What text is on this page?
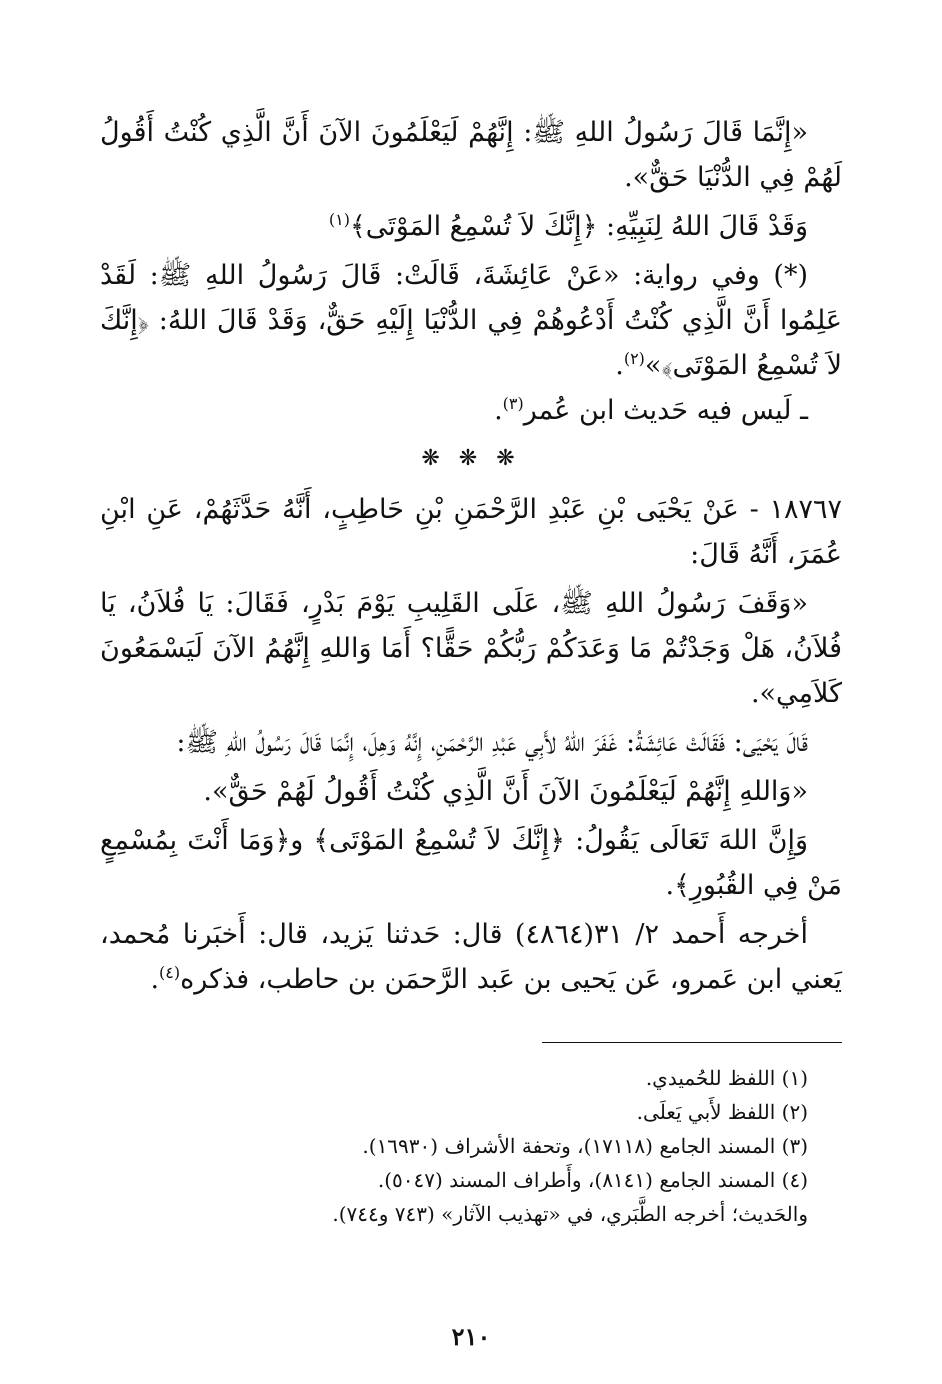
«إِنَّمَا قَالَ رَسُولُ اللهِ ﷺ: إِنَّهُمْ لَيَعْلَمُونَ الآنَ أَنَّ الَّذِي كُنْتُ أَقُولُ لَهُمْ فِي الدُّنْيَا حَقٌّ».

وَقَدْ قَالَ اللهُ لِنَبِيِّهِ: ﴿إِنَّكَ لاَ تُسْمِعُ المَوْتَى﴾$^{(١)}$

(*) وفي رواية: «عَنْ عَائِشَةَ، قَالَتْ: قَالَ رَسُولُ اللهِ ﷺ: لَقَدْ عَلِمُوا أَنَّ الَّذِي كُنْتُ أَدْعُوهُمْ فِي الدُّنْيَا إِلَيْهِ حَقٌّ، وَقَدْ قَالَ اللهُ: ﴿إِنَّكَ لاَ تُسْمِعُ المَوْتَى﴾»$^{(٢)}$.

ـ لَيس فيه حَديث ابن عُمر$^{(٣)}$.

❋ ❋ ❋

١٨٧٦٧ - عَنْ يَحْيَى بْنِ عَبْدِ الرَّحْمَنِ بْنِ حَاطِبٍ، أَنَّهُ حَدَّثَهُمْ، عَنِ ابْنِ عُمَرَ، أَنَّهُ قَالَ:

«وَقَفَ رَسُولُ اللهِ ﷺ، عَلَى القَلِيبِ يَوْمَ بَدْرٍ، فَقَالَ: يَا فُلاَنُ، يَا فُلاَنُ، هَلْ وَجَدْتُمْ مَا وَعَدَكُمْ رَبُّكُمْ حَقًّا؟ أَمَا وَاللهِ إِنَّهُمُ الآنَ لَيَسْمَعُونَ كَلاَمِي».

قَالَ يَحْيَى: فَقَالَتْ عَائِشَةُ: غَفَرَ اللهُ لأَبِي عَبْدِ الرَّحْمَنِ، إِنَّهُ وَهِلَ، إِنَّمَا قَالَ رَسُولُ اللهِ ﷺ:

«وَاللهِ إِنَّهُمْ لَيَعْلَمُونَ الآنَ أَنَّ الَّذِي كُنْتُ أَقُولُ لَهُمْ حَقٌّ».

وَإِنَّ اللهَ تَعَالَى يَقُولُ: ﴿إِنَّكَ لاَ تُسْمِعُ المَوْتَى﴾ و﴿وَمَا أَنْتَ بِمُسْمِعٍ مَنْ فِي القُبُورِ﴾.

أخرجه أَحمد ٢/ ٣١(٤٨٦٤) قال: حَدثنا يَزيد، قال: أَخبَرنا مُحمد، يَعني ابن عَمرو، عَن يَحيى بن عَبد الرَّحمَن بن حاطب، فذكره$^{(٤)}$.

(١) اللفظ للحُميدي.

(٢) اللفظ لأَبي يَعلَى.

(٣) المسند الجامع (١٧١١٨)، وتحفة الأشراف (١٦٩٣٠).

(٤) المسند الجامع (٨١٤١)، وأَطراف المسند (٥٠٤٧).

والحَديث؛ أخرجه الطَّبَري، في «تهذيب الآثار» (٧٤٣ و٧٤٤).

٢١٠
